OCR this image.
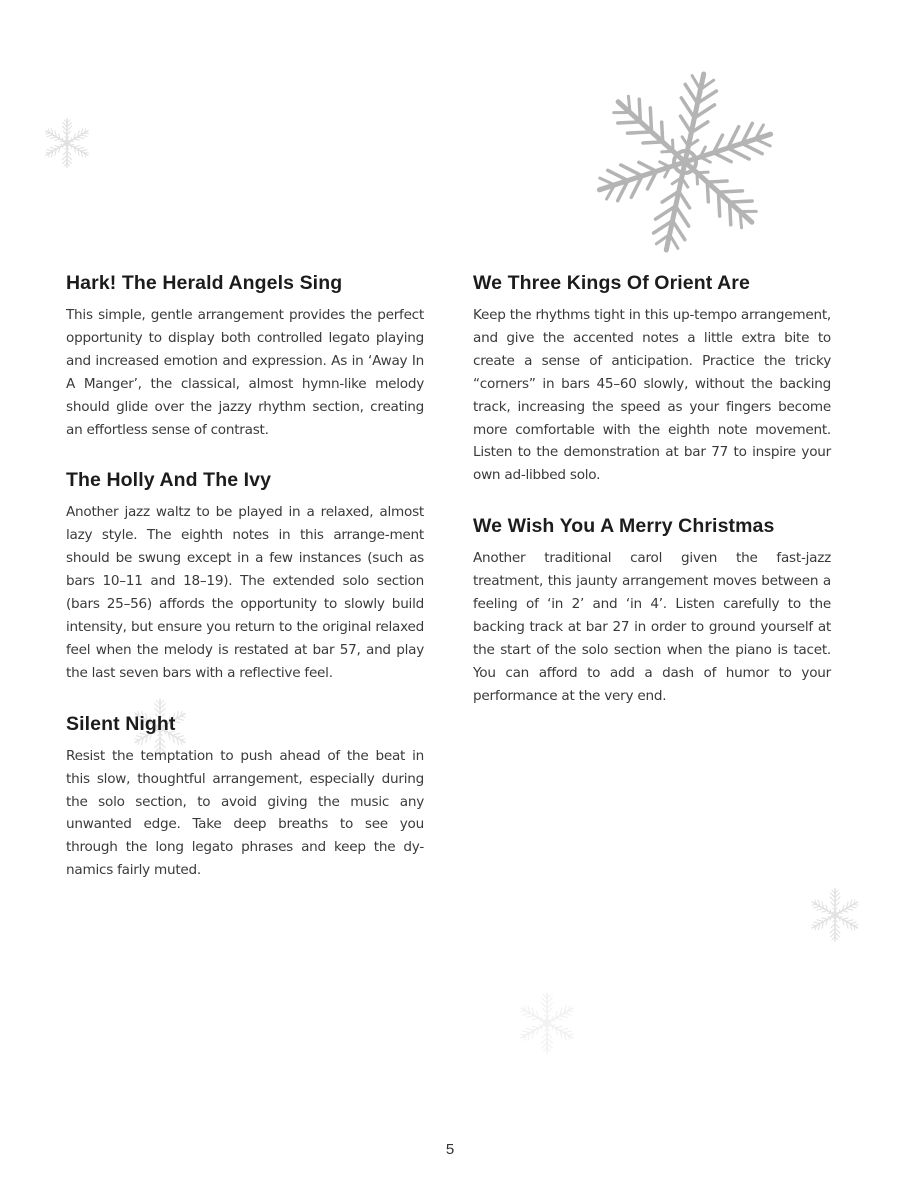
Hark! The Herald Angels Sing

This simple, gentle arrangement provides the perfect opportunity to display both controlled legato playing and increased emotion and expression. As in ‘Away In A Manger’, the classical, almost hymn-like melody should glide over the jazzy rhythm section, creating an effortless sense of contrast.

The Holly And The Ivy

Another jazz waltz to be played in a relaxed, almost lazy style. The eighth notes in this arrange-ment should be swung except in a few instances (such as bars 10–11 and 18–19). The extended solo section (bars 25–56) affords the opportunity to slowly build intensity, but ensure you return to the original relaxed feel when the melody is restated at bar 57, and play the last seven bars with a reflective feel.

Silent Night

Resist the temptation to push ahead of the beat in this slow, thoughtful arrangement, especially during the solo section, to avoid giving the music any unwanted edge. Take deep breaths to see you through the long legato phrases and keep the dy-namics fairly muted.

We Three Kings Of Orient Are

Keep the rhythms tight in this up-tempo arrangement, and give the accented notes a little extra bite to create a sense of anticipation. Practice the tricky “corners” in bars 45–60 slowly, without the backing track, increasing the speed as your fingers become more comfortable with the eighth note movement. Listen to the demonstration at bar 77 to inspire your own ad-libbed solo.

We Wish You A Merry Christmas

Another traditional carol given the fast-jazz treatment, this jaunty arrangement moves between a feeling of ‘in 2’ and ‘in 4’. Listen carefully to the backing track at bar 27 in order to ground yourself at the start of the solo section when the piano is tacet. You can afford to add a dash of humor to your performance at the very end.

5
